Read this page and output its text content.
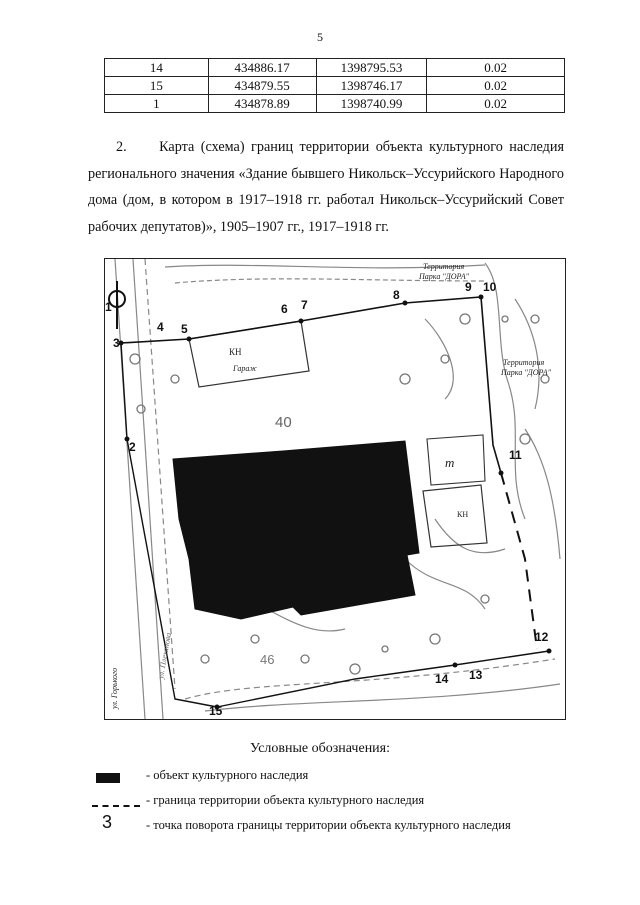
5
14	434886.17	1398795.53	0.02
15	434879.55	1398746.17	0.02
1	434878.89	1398740.99	0.02
2. Карта (схема) границ территории объекта культурного наследия регионального значения «Здание бывшего Никольск–Уссурийского Народного дома (дом, в котором в 1917–1918 гг. работал Никольск–Уссурийский Совет рабочих депутатов)», 1905–1907 гг., 1917–1918 гг.
КН
Гараж
КН
m
40
46
1
2
3
4 5
6 7
8
9 10
11
12
13
14
15
Территория
Парка "ДОРА"
Территория
Парка "ДОРА"
ул. Горького
ул. Плеханова
Условные обозначения:
- объект культурного наследия
- граница территории объекта культурного наследия
3	- точка поворота границы территории объекта культурного наследия
